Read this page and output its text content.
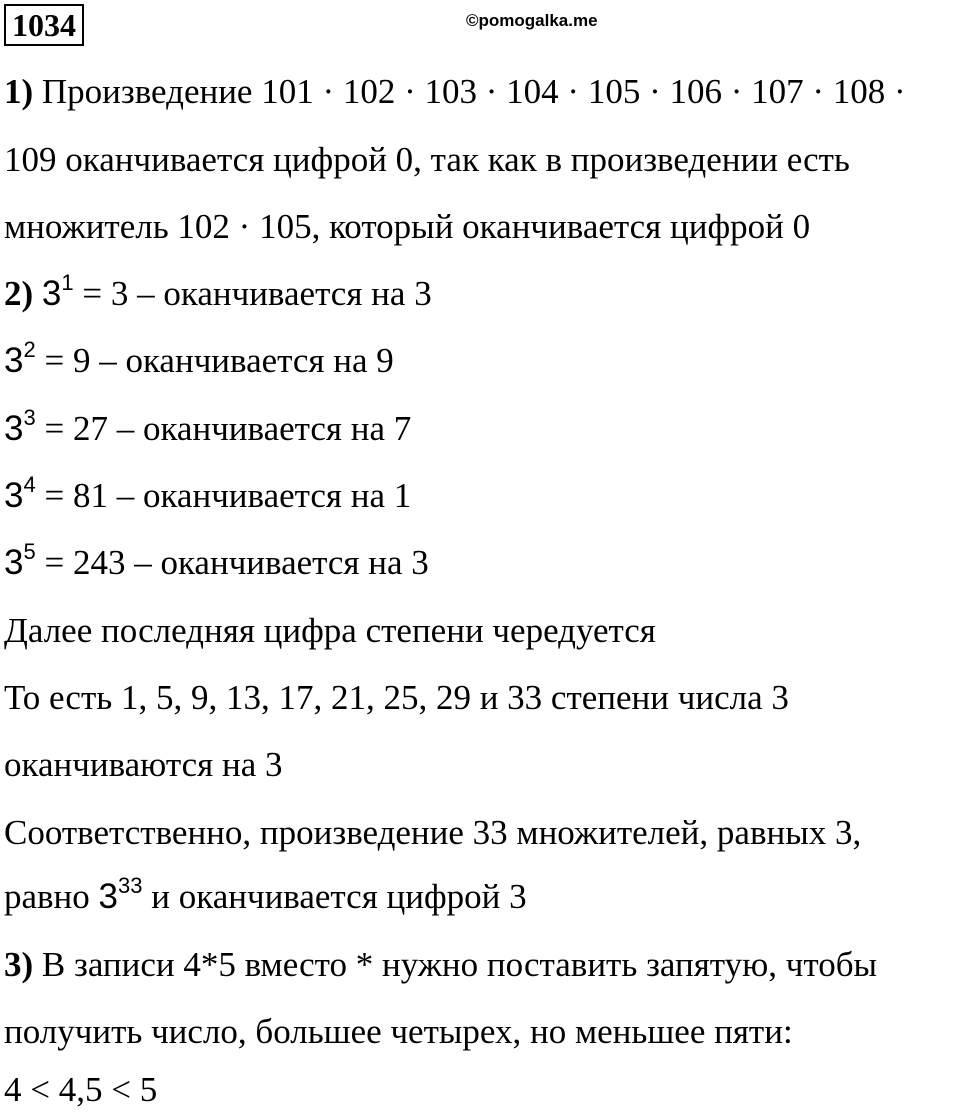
1034	©pomogalka.me
1) Произведение 101 · 102 · 103 · 104 · 105 · 106 · 107 · 108 ·
109 оканчивается цифрой 0, так как в произведении есть
множитель 102 · 105, который оканчивается цифрой 0
2) $3^1 = 3$ – оканчивается на 3
$3^2 = 9$ – оканчивается на 9
$3^3 = 27$ – оканчивается на 7
$3^4 = 81$ – оканчивается на 1
$3^5 = 243$ – оканчивается на 3
Далее последняя цифра степени чередуется
То есть 1, 5, 9, 13, 17, 21, 25, 29 и 33 степени числа 3
оканчиваются на 3
Соответственно, произведение 33 множителей, равных 3,
равно $3^{33}$ и оканчивается цифрой 3
3) В записи 4*5 вместо * нужно поставить запятую, чтобы
получить число, большее четырех, но меньшее пяти:
4 < 4,5 < 5
